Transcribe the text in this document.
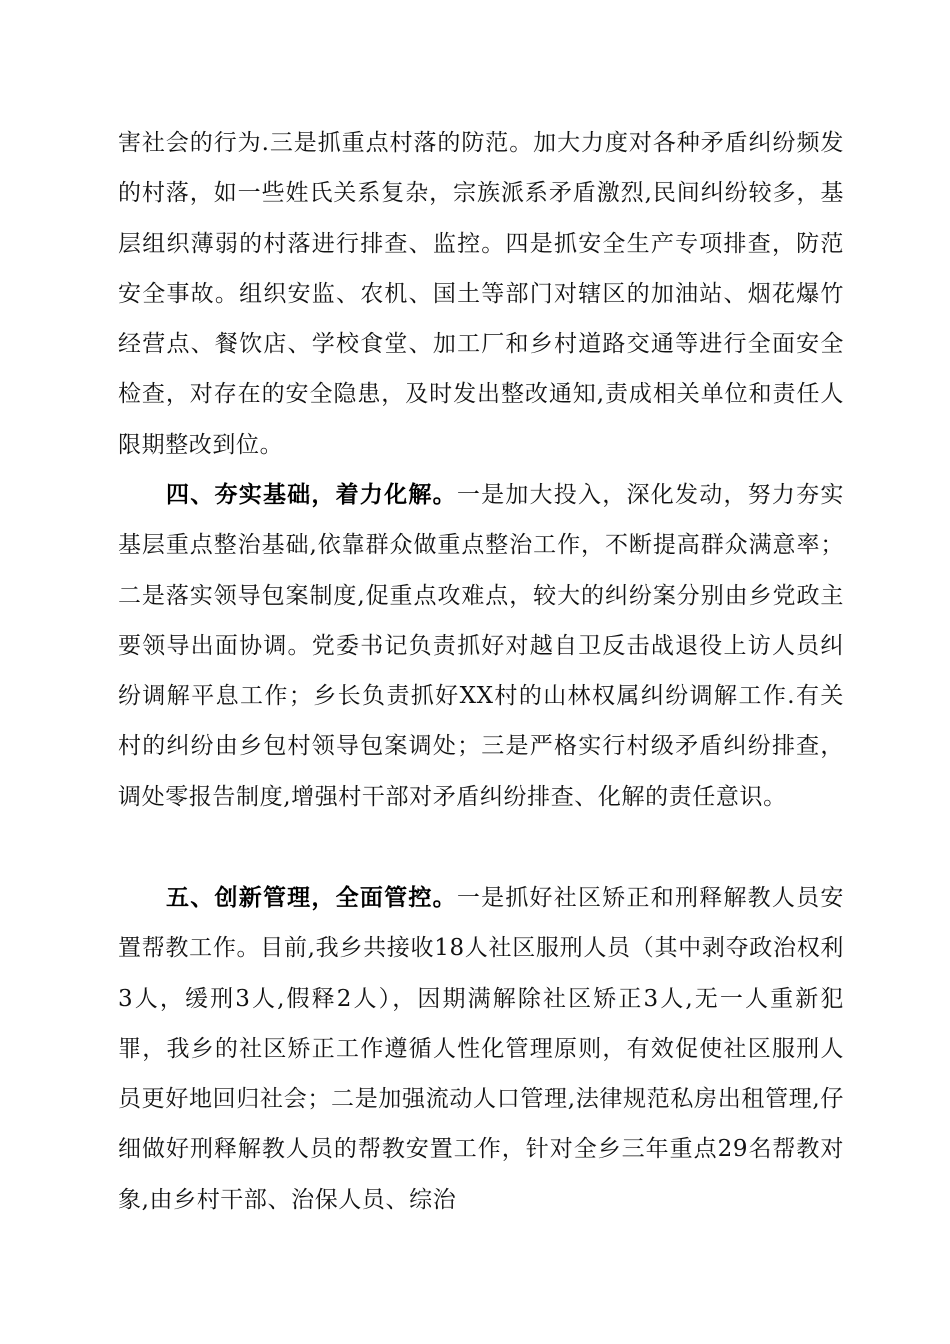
害社会的行为.三是抓重点村落的防范。加大力度对各种矛盾纠纷频发的村落，如一些姓氏关系复杂，宗族派系矛盾激烈,民间纠纷较多，基层组织薄弱的村落进行排查、监控。四是抓安全生产专项排查，防范安全事故。组织安监、农机、国土等部门对辖区的加油站、烟花爆竹经营点、餐饮店、学校食堂、加工厂和乡村道路交通等进行全面安全检查，对存在的安全隐患，及时发出整改通知,责成相关单位和责任人限期整改到位。

四、夯实基础，着力化解。一是加大投入，深化发动，努力夯实基层重点整治基础,依靠群众做重点整治工作，不断提高群众满意率；二是落实领导包案制度,促重点攻难点，较大的纠纷案分别由乡党政主要领导出面协调。党委书记负责抓好对越自卫反击战退役上访人员纠纷调解平息工作；乡长负责抓好XX村的山林权属纠纷调解工作.有关村的纠纷由乡包村领导包案调处；三是严格实行村级矛盾纠纷排查，调处零报告制度,增强村干部对矛盾纠纷排查、化解的责任意识。

五、创新管理，全面管控。一是抓好社区矫正和刑释解教人员安置帮教工作。目前,我乡共接收18人社区服刑人员（其中剥夺政治权利3人，缓刑3人,假释2人），因期满解除社区矫正3人,无一人重新犯罪，我乡的社区矫正工作遵循人性化管理原则，有效促使社区服刑人员更好地回归社会；二是加强流动人口管理,法律规范私房出租管理,仔细做好刑释解教人员的帮教安置工作，针对全乡三年重点29名帮教对象,由乡村干部、治保人员、综治
